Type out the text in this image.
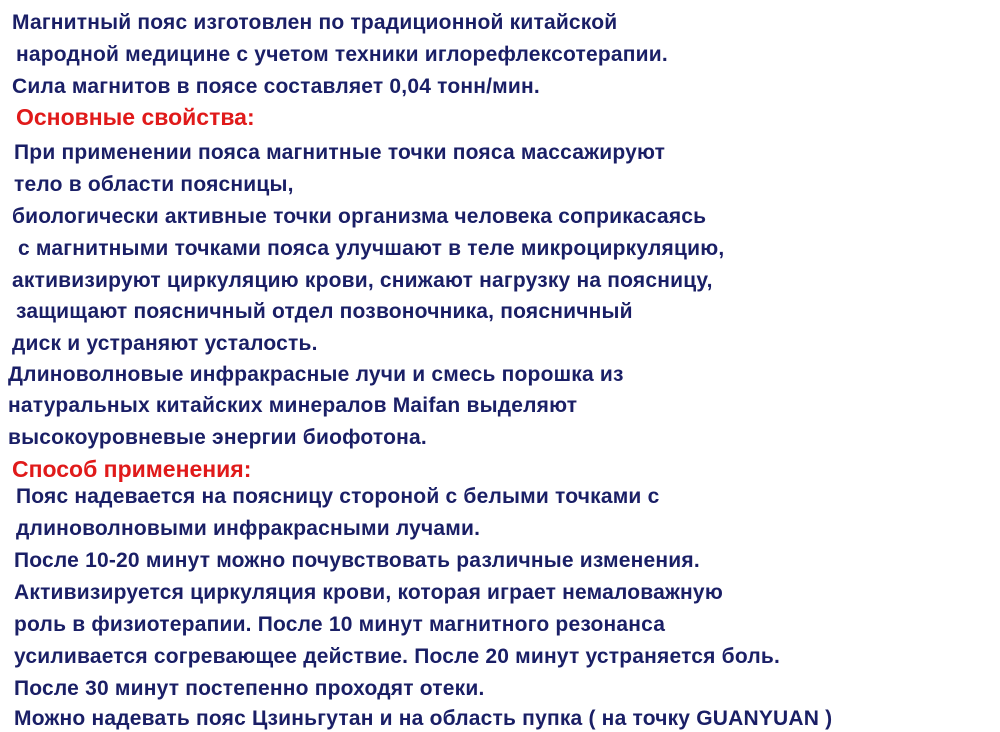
Магнитный пояс изготовлен по традиционной китайской
народной медицине с учетом техники иглорефлексотерапии.
Сила магнитов в поясе составляет 0,04 тонн/мин.
Основные свойства:
При применении пояса магнитные точки пояса массажируют
тело в области поясницы,
биологически активные точки организма человека соприкасаясь
с магнитными точками пояса улучшают в теле микроциркуляцию,
активизируют циркуляцию крови, снижают нагрузку на поясницу,
защищают поясничный отдел позвоночника, поясничный
диск и устраняют усталость.
Длиноволновые инфракрасные лучи и смесь порошка из
натуральных китайских минералов Maifan выделяют
высокоуровневые энергии биофотона.
Способ применения:
Пояс надевается на поясницу стороной с белыми точками с
длиноволновыми инфракрасными лучами.
После 10-20 минут можно почувствовать различные изменения.
Активизируется циркуляция крови, которая играет немаловажную
роль в физиотерапии. После 10 минут магнитного резонанса
усиливается согревающее действие. После 20 минут устраняется боль.
После 30 минут постепенно проходят отеки.
Можно надевать пояс Цзиньгутан и на область пупка ( на точку GUANYUAN )
